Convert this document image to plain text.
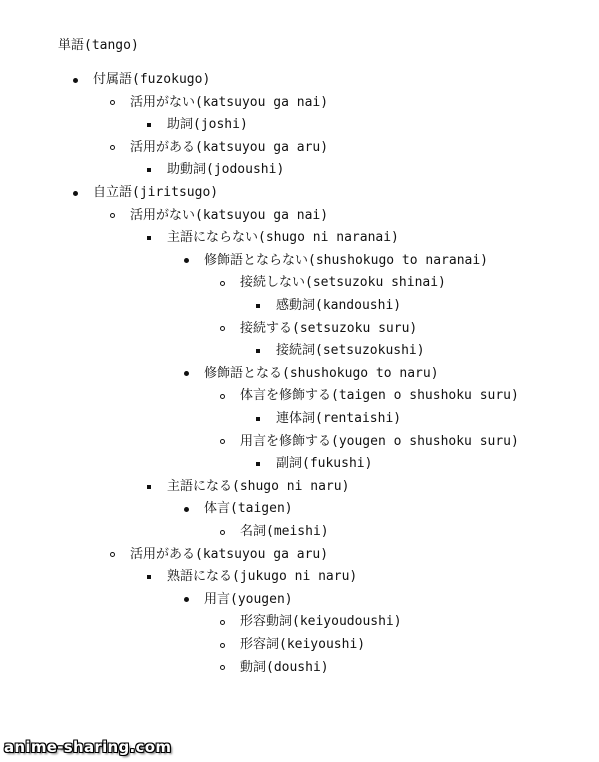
単語(tango)
付属語(fuzokugo)
活用がない(katsuyou ga nai)
助詞(joshi)
活用がある(katsuyou ga aru)
助動詞(jodoushi)
自立語(jiritsugo)
活用がない(katsuyou ga nai)
主語にならない(shugo ni naranai)
修飾語とならない(shushokugo to naranai)
接続しない(setsuzoku shinai)
感動詞(kandoushi)
接続する(setsuzoku suru)
接続詞(setsuzokushi)
修飾語となる(shushokugo to naru)
体言を修飾する(taigen o shushoku suru)
連体詞(rentaishi)
用言を修飾する(yougen o shushoku suru)
副詞(fukushi)
主語になる(shugo ni naru)
体言(taigen)
名詞(meishi)
活用がある(katsuyou ga aru)
熟語になる(jukugo ni naru)
用言(yougen)
形容動詞(keiyoudoushi)
形容詞(keiyoushi)
動詞(doushi)
anime-sharing.com
